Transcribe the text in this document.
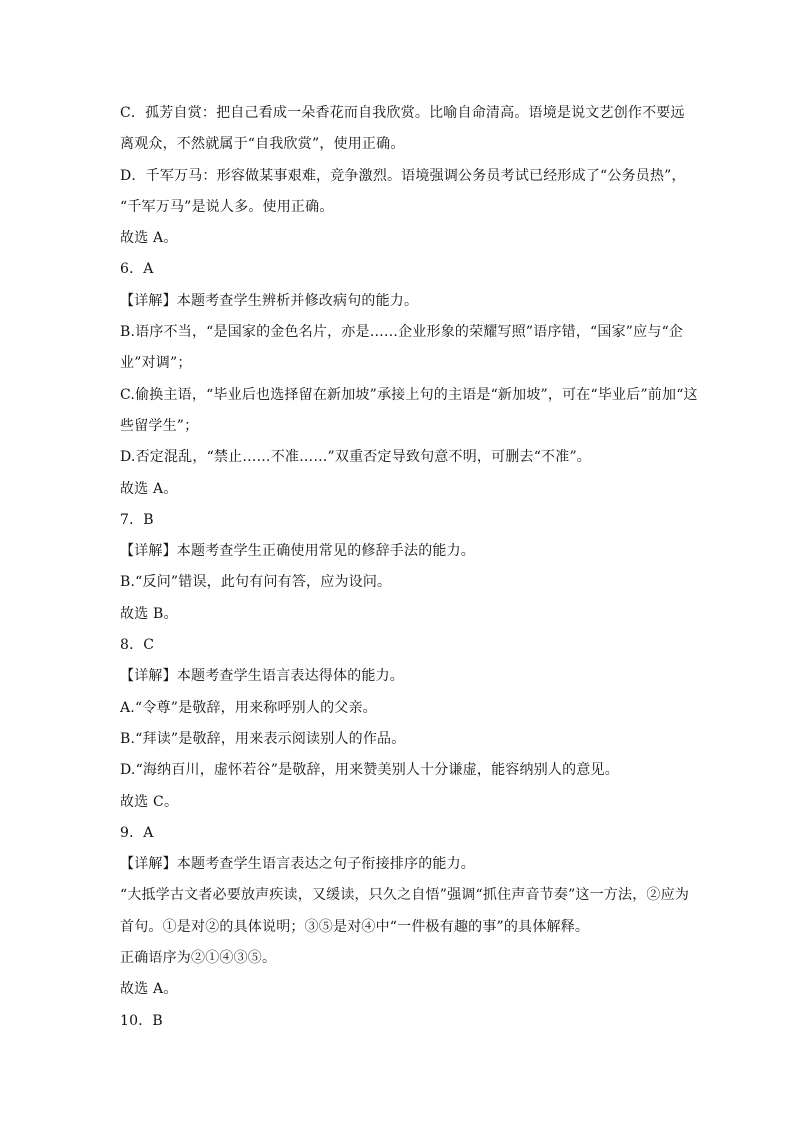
C．孤芳自赏：把自己看成一朵香花而自我欣赏。比喻自命清高。语境是说文艺创作不要远
离观众，不然就属于“自我欣赏”，使用正确。
D．千军万马：形容做某事艰难，竞争激烈。语境强调公务员考试已经形成了“公务员热”，
“千军万马”是说人多。使用正确。
故选 A。
6．A
【详解】本题考查学生辨析并修改病句的能力。
B.语序不当，“是国家的金色名片，亦是……企业形象的荣耀写照”语序错，“国家”应与“企
业”对调”；
C.偷换主语，“毕业后也选择留在新加坡”承接上句的主语是“新加坡”，可在“毕业后”前加“这
些留学生”；
D.否定混乱，“禁止……不准……”双重否定导致句意不明，可删去“不准”。
故选 A。
7．B
【详解】本题考查学生正确使用常见的修辞手法的能力。
B.“反问”错误，此句有问有答，应为设问。
故选 B。
8．C
【详解】本题考查学生语言表达得体的能力。
A.“令尊”是敬辞，用来称呼别人的父亲。
B.“拜读”是敬辞，用来表示阅读别人的作品。
D.“海纳百川，虚怀若谷”是敬辞，用来赞美别人十分谦虚，能容纳别人的意见。
故选 C。
9．A
【详解】本题考查学生语言表达之句子衔接排序的能力。
“大抵学古文者必要放声疾读，又缓读，只久之自悟”强调“抓住声音节奏”这一方法，②应为
首句。①是对②的具体说明；③⑤是对④中“一件极有趣的事”的具体解释。
正确语序为②①④③⑤。
故选 A。
10．B
